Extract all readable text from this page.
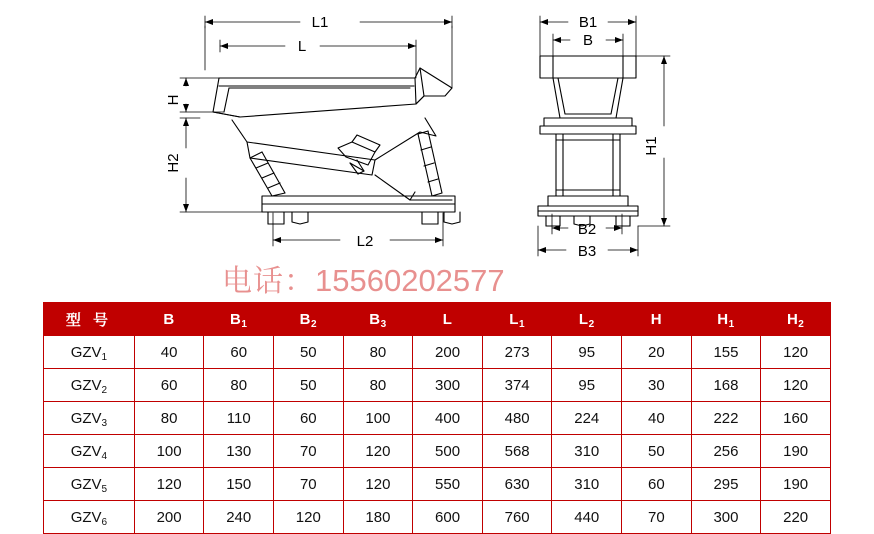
L1
L
L2
H
H2
B1
B
B2
B3
H1
电话：15560202577
型 号	B	$B_1$	$B_2$	$B_3$	L	$L_1$	$L_2$	H	$H_1$	$H_2$
$GZV_1$	40	60	50	80	200	273	95	20	155	120
$GZV_2$	60	80	50	80	300	374	95	30	168	120
$GZV_3$	80	110	60	100	400	480	224	40	222	160
$GZV_4$	100	130	70	120	500	568	310	50	256	190
$GZV_5$	120	150	70	120	550	630	310	60	295	190
$GZV_6$	200	240	120	180	600	760	440	70	300	220
